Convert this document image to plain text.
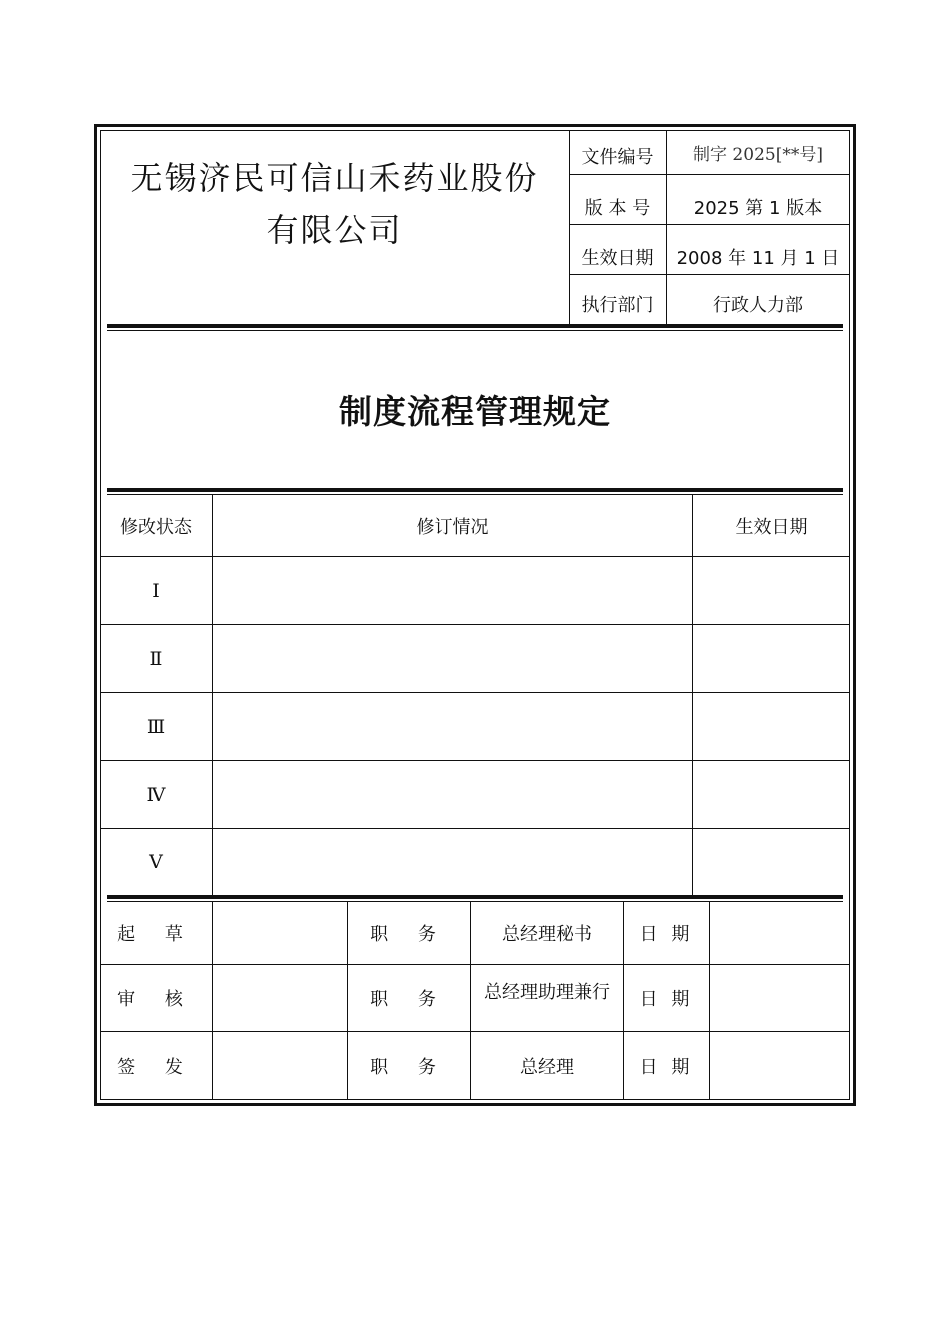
无锡济民可信山禾药业股份
有限公司
文件编号	制字 2025[**号]
版 本 号	2025 第 1 版本
生效日期	2008 年 11 月 1 日
执行部门	行政人力部
制度流程管理规定
修改状态	修订情况	生效日期
Ⅰ
Ⅱ
Ⅲ
Ⅳ
Ⅴ
起 草	职 务	总经理秘书	日 期
审 核	职 务	总经理助理兼行	日 期
签 发	职 务	总经理	日 期
